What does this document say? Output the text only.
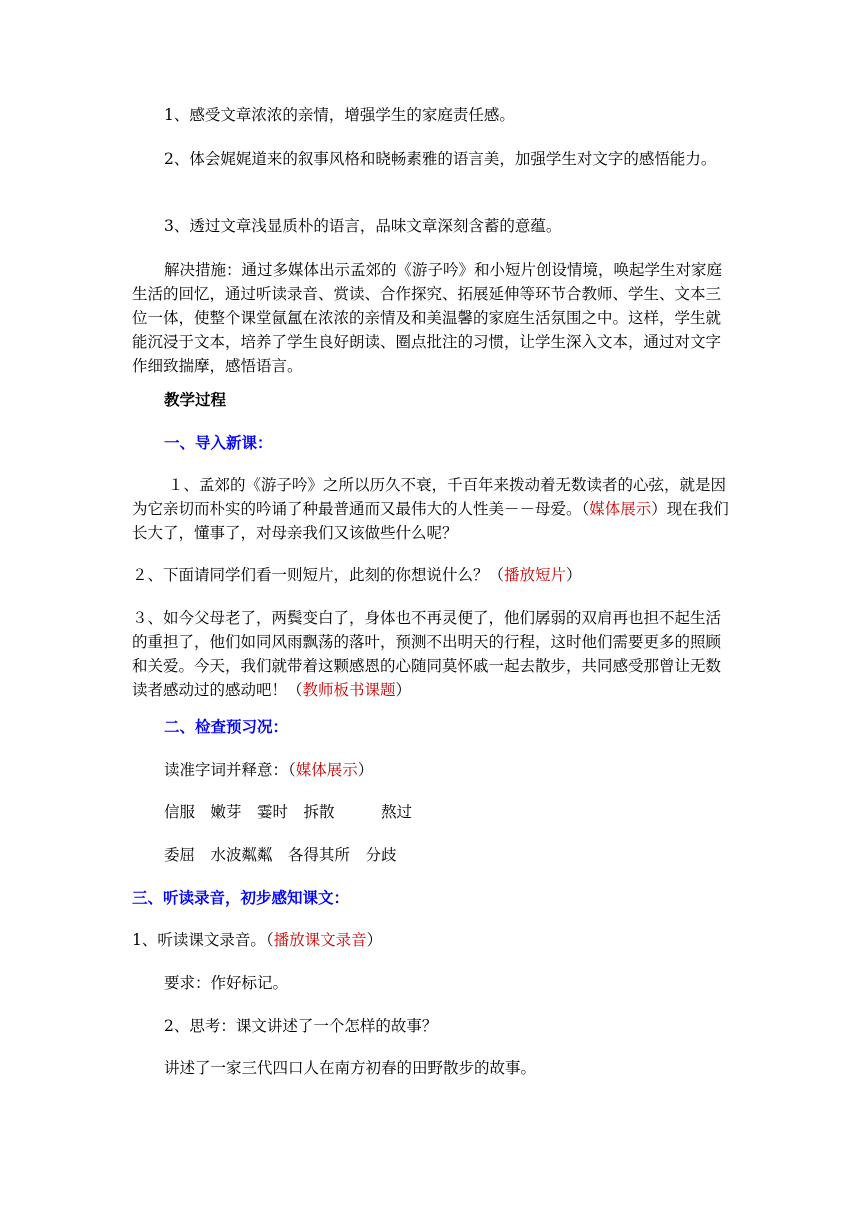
1、感受文章浓浓的亲情，增强学生的家庭责任感。

2、体会娓娓道来的叙事风格和晓畅素雅的语言美，加强学生对文字的感悟能力。

3、透过文章浅显质朴的语言，品味文章深刻含蓄的意蕴。

解决措施：通过多媒体出示孟郊的《游子吟》和小短片创设情境，唤起学生对家庭生活的回忆，通过听读录音、赏读、合作探究、拓展延伸等环节合教师、学生、文本三位一体，使整个课堂氤氲在浓浓的亲情及和美温馨的家庭生活氛围之中。这样，学生就能沉浸于文本，培养了学生良好朗读、圈点批注的习惯，让学生深入文本，通过对文字作细致揣摩，感悟语言。

教学过程

一、导入新课：

１、孟郊的《游子吟》之所以历久不衰，千百年来拨动着无数读者的心弦，就是因为它亲切而朴实的吟诵了种最普通而又最伟大的人性美－－母爱。（媒体展示）现在我们长大了，懂事了，对母亲我们又该做些什么呢？

２、下面请同学们看一则短片，此刻的你想说什么？（播放短片）

３、如今父母老了，两鬓变白了，身体也不再灵便了，他们孱弱的双肩再也担不起生活的重担了，他们如同风雨飘荡的落叶，预测不出明天的行程，这时他们需要更多的照顾和关爱。今天，我们就带着这颗感恩的心随同莫怀戚一起去散步，共同感受那曾让无数读者感动过的感动吧！（教师板书课题）

二、检查预习况：

读准字词并释意：（媒体展示）

信服　嫩芽　霎时　拆散　　　熬过

委屈　水波粼粼　各得其所　分歧

三、听读录音，初步感知课文：

1、听读课文录音。（播放课文录音）

要求：作好标记。

2、思考：课文讲述了一个怎样的故事？

讲述了一家三代四口人在南方初春的田野散步的故事。
